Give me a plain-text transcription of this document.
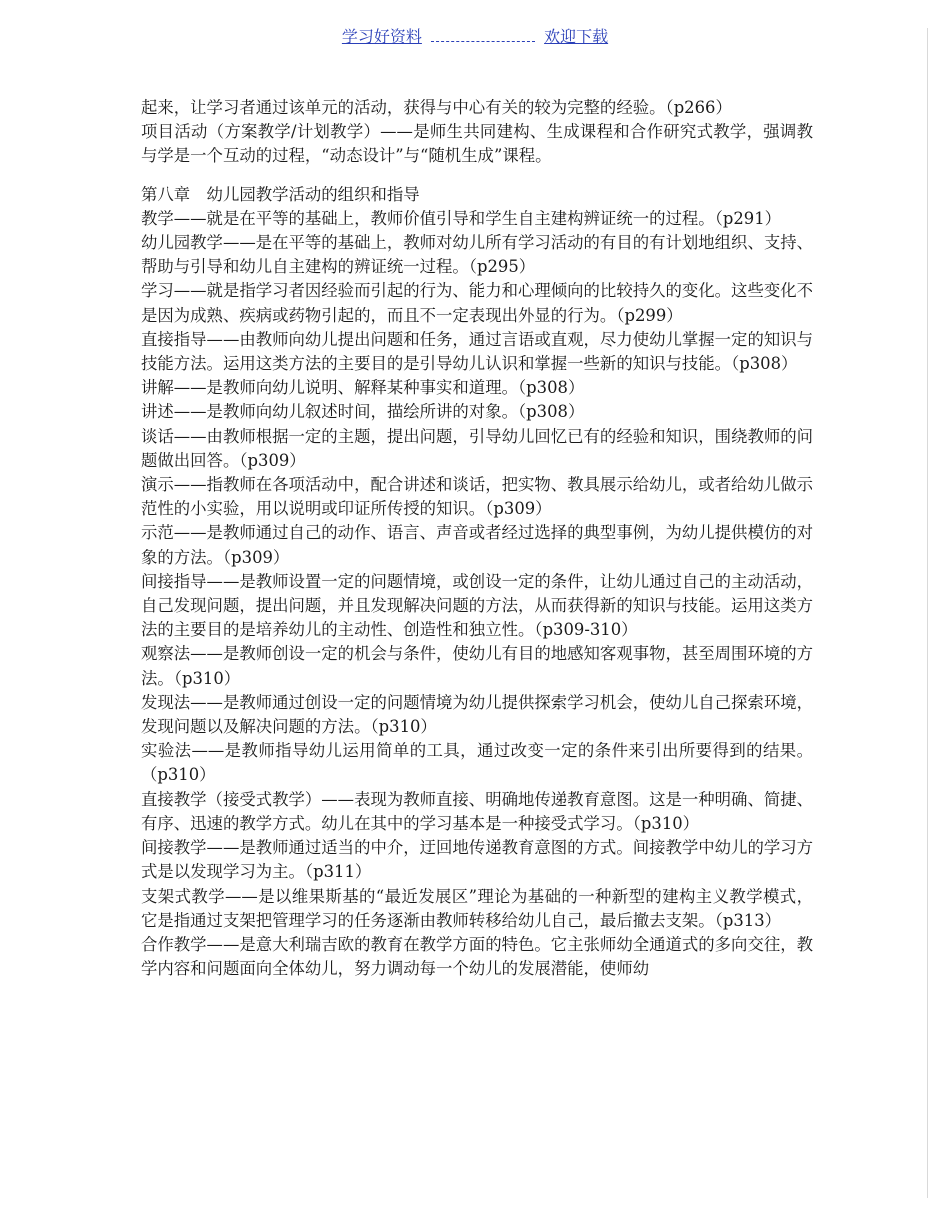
学习好资料	欢迎下载

起来，让学习者通过该单元的活动，获得与中心有关的较为完整的经验。（p266）

项目活动（方案教学/计划教学）——是师生共同建构、生成课程和合作研究式教学，强调教与学是一个互动的过程，“动态设计”与“随机生成”课程。

第八章　幼儿园教学活动的组织和指导

教学——就是在平等的基础上，教师价值引导和学生自主建构辨证统一的过程。（p291）

幼儿园教学——是在平等的基础上，教师对幼儿所有学习活动的有目的有计划地组织、支持、帮助与引导和幼儿自主建构的辨证统一过程。（p295）

学习——就是指学习者因经验而引起的行为、能力和心理倾向的比较持久的变化。这些变化不是因为成熟、疾病或药物引起的，而且不一定表现出外显的行为。（p299）

直接指导——由教师向幼儿提出问题和任务，通过言语或直观，尽力使幼儿掌握一定的知识与技能方法。运用这类方法的主要目的是引导幼儿认识和掌握一些新的知识与技能。（p308）

讲解——是教师向幼儿说明、解释某种事实和道理。（p308）

讲述——是教师向幼儿叙述时间，描绘所讲的对象。（p308）

谈话——由教师根据一定的主题，提出问题，引导幼儿回忆已有的经验和知识，围绕教师的问题做出回答。（p309）

演示——指教师在各项活动中，配合讲述和谈话，把实物、教具展示给幼儿，或者给幼儿做示范性的小实验，用以说明或印证所传授的知识。（p309）

示范——是教师通过自己的动作、语言、声音或者经过选择的典型事例，为幼儿提供模仿的对象的方法。（p309）

间接指导——是教师设置一定的问题情境，或创设一定的条件，让幼儿通过自己的主动活动，自己发现问题，提出问题，并且发现解决问题的方法，从而获得新的知识与技能。运用这类方法的主要目的是培养幼儿的主动性、创造性和独立性。（p309-310）

观察法——是教师创设一定的机会与条件，使幼儿有目的地感知客观事物，甚至周围环境的方法。（p310）

发现法——是教师通过创设一定的问题情境为幼儿提供探索学习机会，使幼儿自己探索环境，发现问题以及解决问题的方法。（p310）

实验法——是教师指导幼儿运用简单的工具，通过改变一定的条件来引出所要得到的结果。（p310）

直接教学（接受式教学）——表现为教师直接、明确地传递教育意图。这是一种明确、简捷、有序、迅速的教学方式。幼儿在其中的学习基本是一种接受式学习。（p310）

间接教学——是教师通过适当的中介，迂回地传递教育意图的方式。间接教学中幼儿的学习方式是以发现学习为主。（p311）

支架式教学——是以维果斯基的“最近发展区”理论为基础的一种新型的建构主义教学模式，它是指通过支架把管理学习的任务逐渐由教师转移给幼儿自己，最后撤去支架。（p313）

合作教学——是意大利瑞吉欧的教育在教学方面的特色。它主张师幼全通道式的多向交往，教学内容和问题面向全体幼儿，努力调动每一个幼儿的发展潜能，使师幼
